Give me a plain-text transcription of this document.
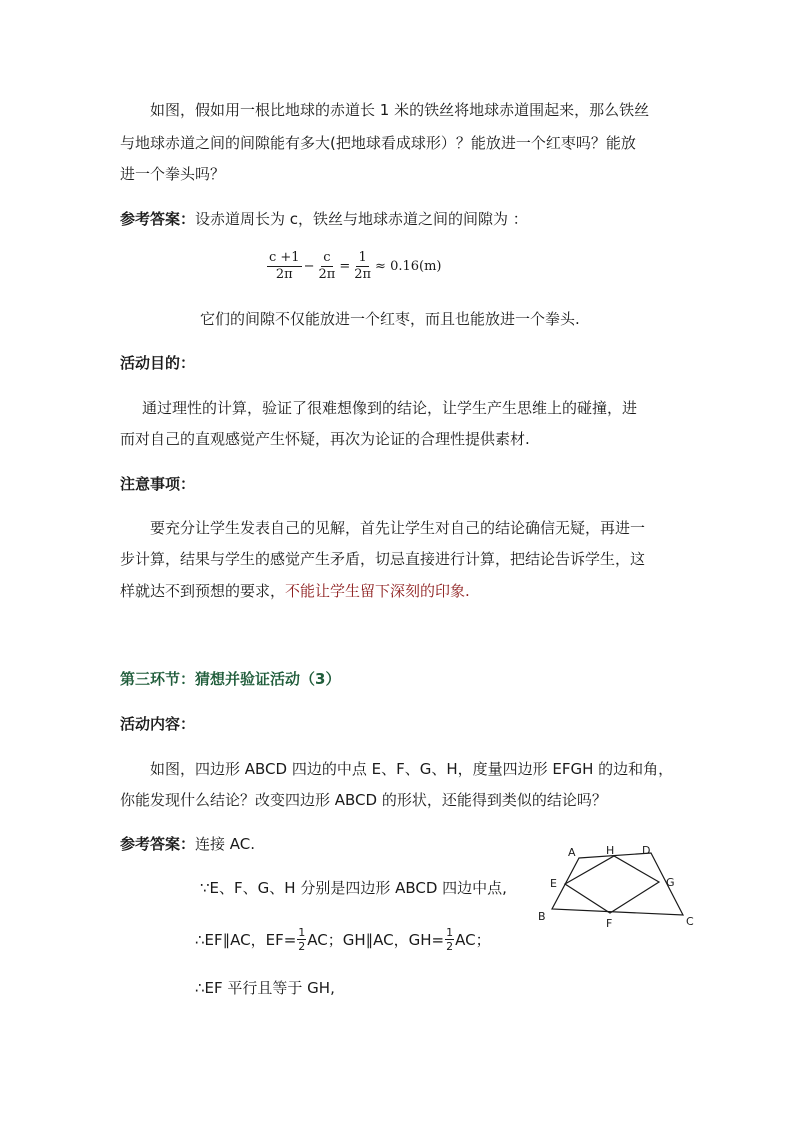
如图，假如用一根比地球的赤道长 1 米的铁丝将地球赤道围起来，那么铁丝
与地球赤道之间的间隙能有多大(把地球看成球形）？能放进一个红枣吗？能放
进一个拳头吗？
参考答案：设赤道周长为 c，铁丝与地球赤道之间的间隙为 ：
$\frac{c +1}{2\pi} - \frac{c}{2\pi} = \frac{1}{2\pi} \approx 0.16(m)$
它们的间隙不仅能放进一个红枣，而且也能放进一个拳头.
活动目的：
通过理性的计算，验证了很难想像到的结论，让学生产生思维上的碰撞，进
而对自己的直观感觉产生怀疑，再次为论证的合理性提供素材.
注意事项：
要充分让学生发表自己的见解，首先让学生对自己的结论确信无疑，再进一
步计算，结果与学生的感觉产生矛盾，切忌直接进行计算，把结论告诉学生，这
样就达不到预想的要求，不能让学生留下深刻的印象.
第三环节：猜想并验证活动（3）
活动内容：
如图，四边形 ABCD 四边的中点 E、F、G、H，度量四边形 EFGH 的边和角，
你能发现什么结论？改变四边形 ABCD 的形状，还能得到类似的结论吗？
参考答案：连接 AC.
∵E、F、G、H 分别是四边形 ABCD 四边中点,
∴EF∥AC，$EF= \frac{1}{2}$ AC；GH∥AC，$GH= \frac{1}{2}$ AC；
∴EF 平行且等于 GH,
A	H	D
E	G
B
F	C
